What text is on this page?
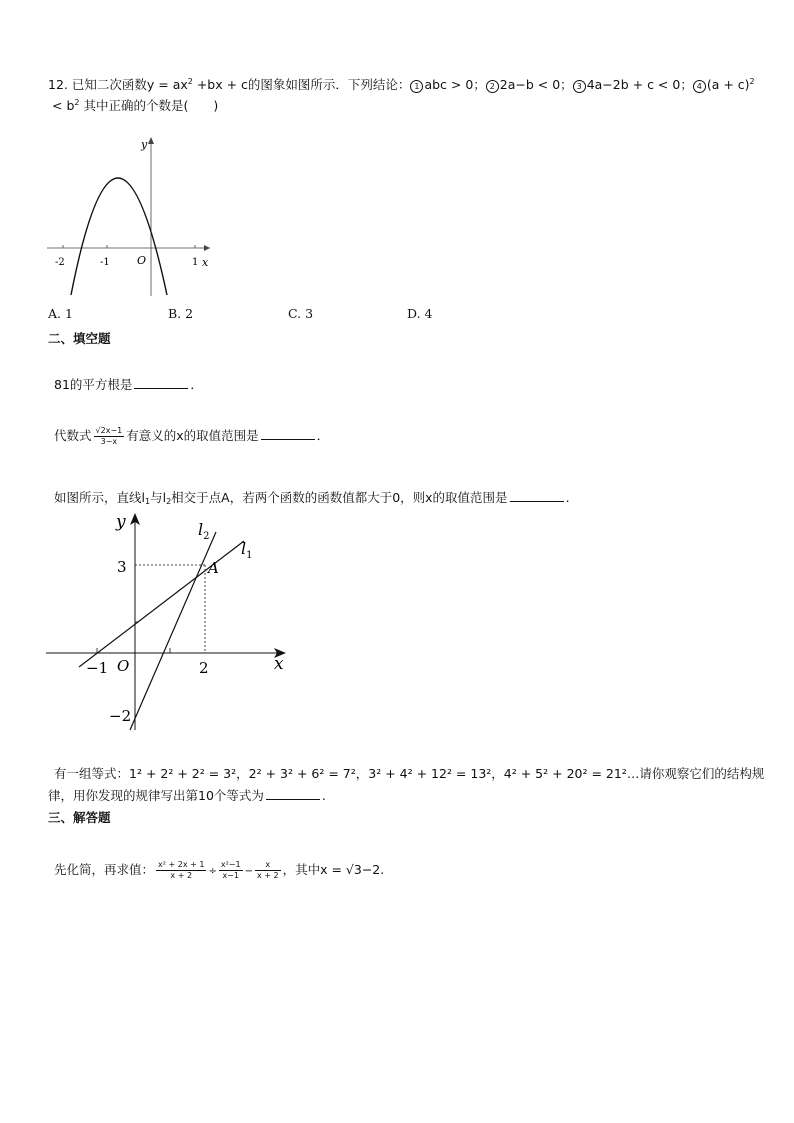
12. 已知二次函数$y = ax^2 +bx + c$的图象如图所示．下列结论： 1 abc > 0； 2 2a−b < 0； 3 4a−2b + c < 0； 4 $(a + c)^2$
< $b^2$ 其中正确的个数是(　　)
y
x
O
-2	-1	1
A. 1	B. 2	C. 3	D. 4
二、填空题
81的平方根是	．
代数式 $\frac{√2x-1}{3-x}$ 有意义的x的取值范围是	．
如图所示，直线$l_1$与$l_2$相交于点A，若两个函数的函数值都大于0，则x的取值范围是	.
y
x
O
$l_2$
$l_1$
A
3
2
−1
−2
有一组等式：1² + 2² + 2² = 3²，2² + 3² + 6² = 7²，3² + 4² + 12² = 13²，4² + 5² + 20² = 21²…请你观察它们的结构规
律，用你发现的规律写出第10个等式为	.
三、解答题
先化简，再求值： $\frac{\text{x² + 2x + 1}}{x + 2} \div \frac{\text{x²−1}}{x-1} - \frac{x}{x + 2}$ ，其中x = √3−2.
